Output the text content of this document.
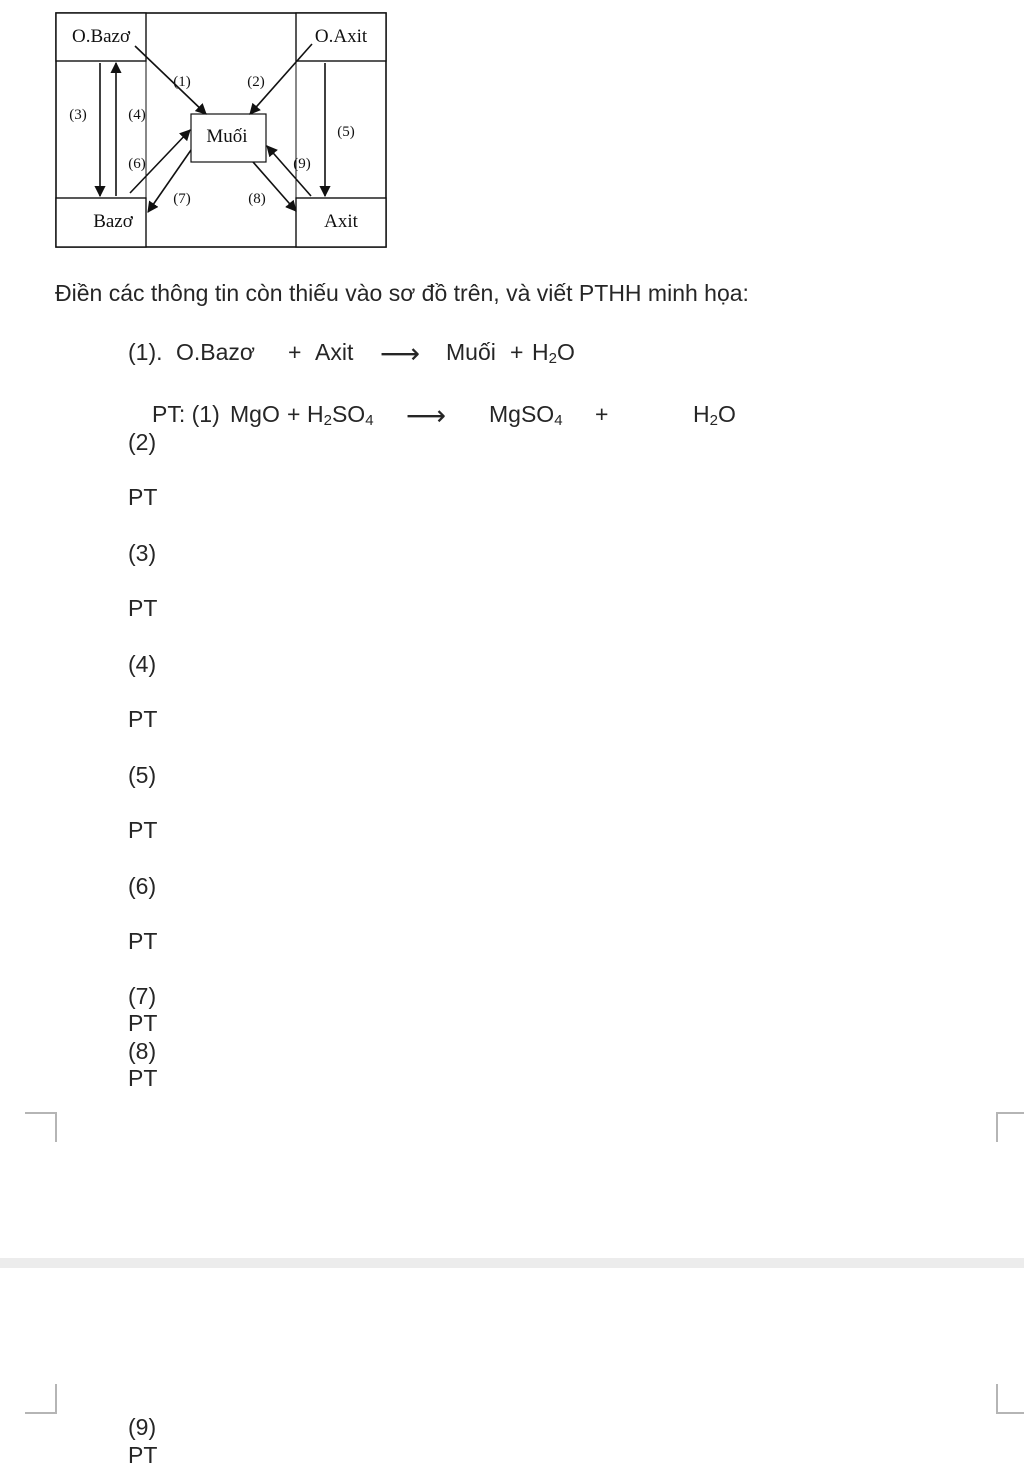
O.Bazơ	O.Axit
Bazơ	Axit
Muối
(1)	(2)
(3)	(4)
(5)
(6)
(7)	(8)
(9)
Điền các thông tin còn thiếu vào sơ đồ trên, và viết PTHH minh họa:
(1). O.Bazơ + Axit ⟶ Muối + $H_2O$
PT: (1) MgO + $H_2SO_4$ ⟶ MgSO$_4$ +	$H_2O$
(2)
PT
(3)
PT
(4)
PT
(5)
PT
(6)
PT
(7)
PT
(8)
PT
(9)
PT
